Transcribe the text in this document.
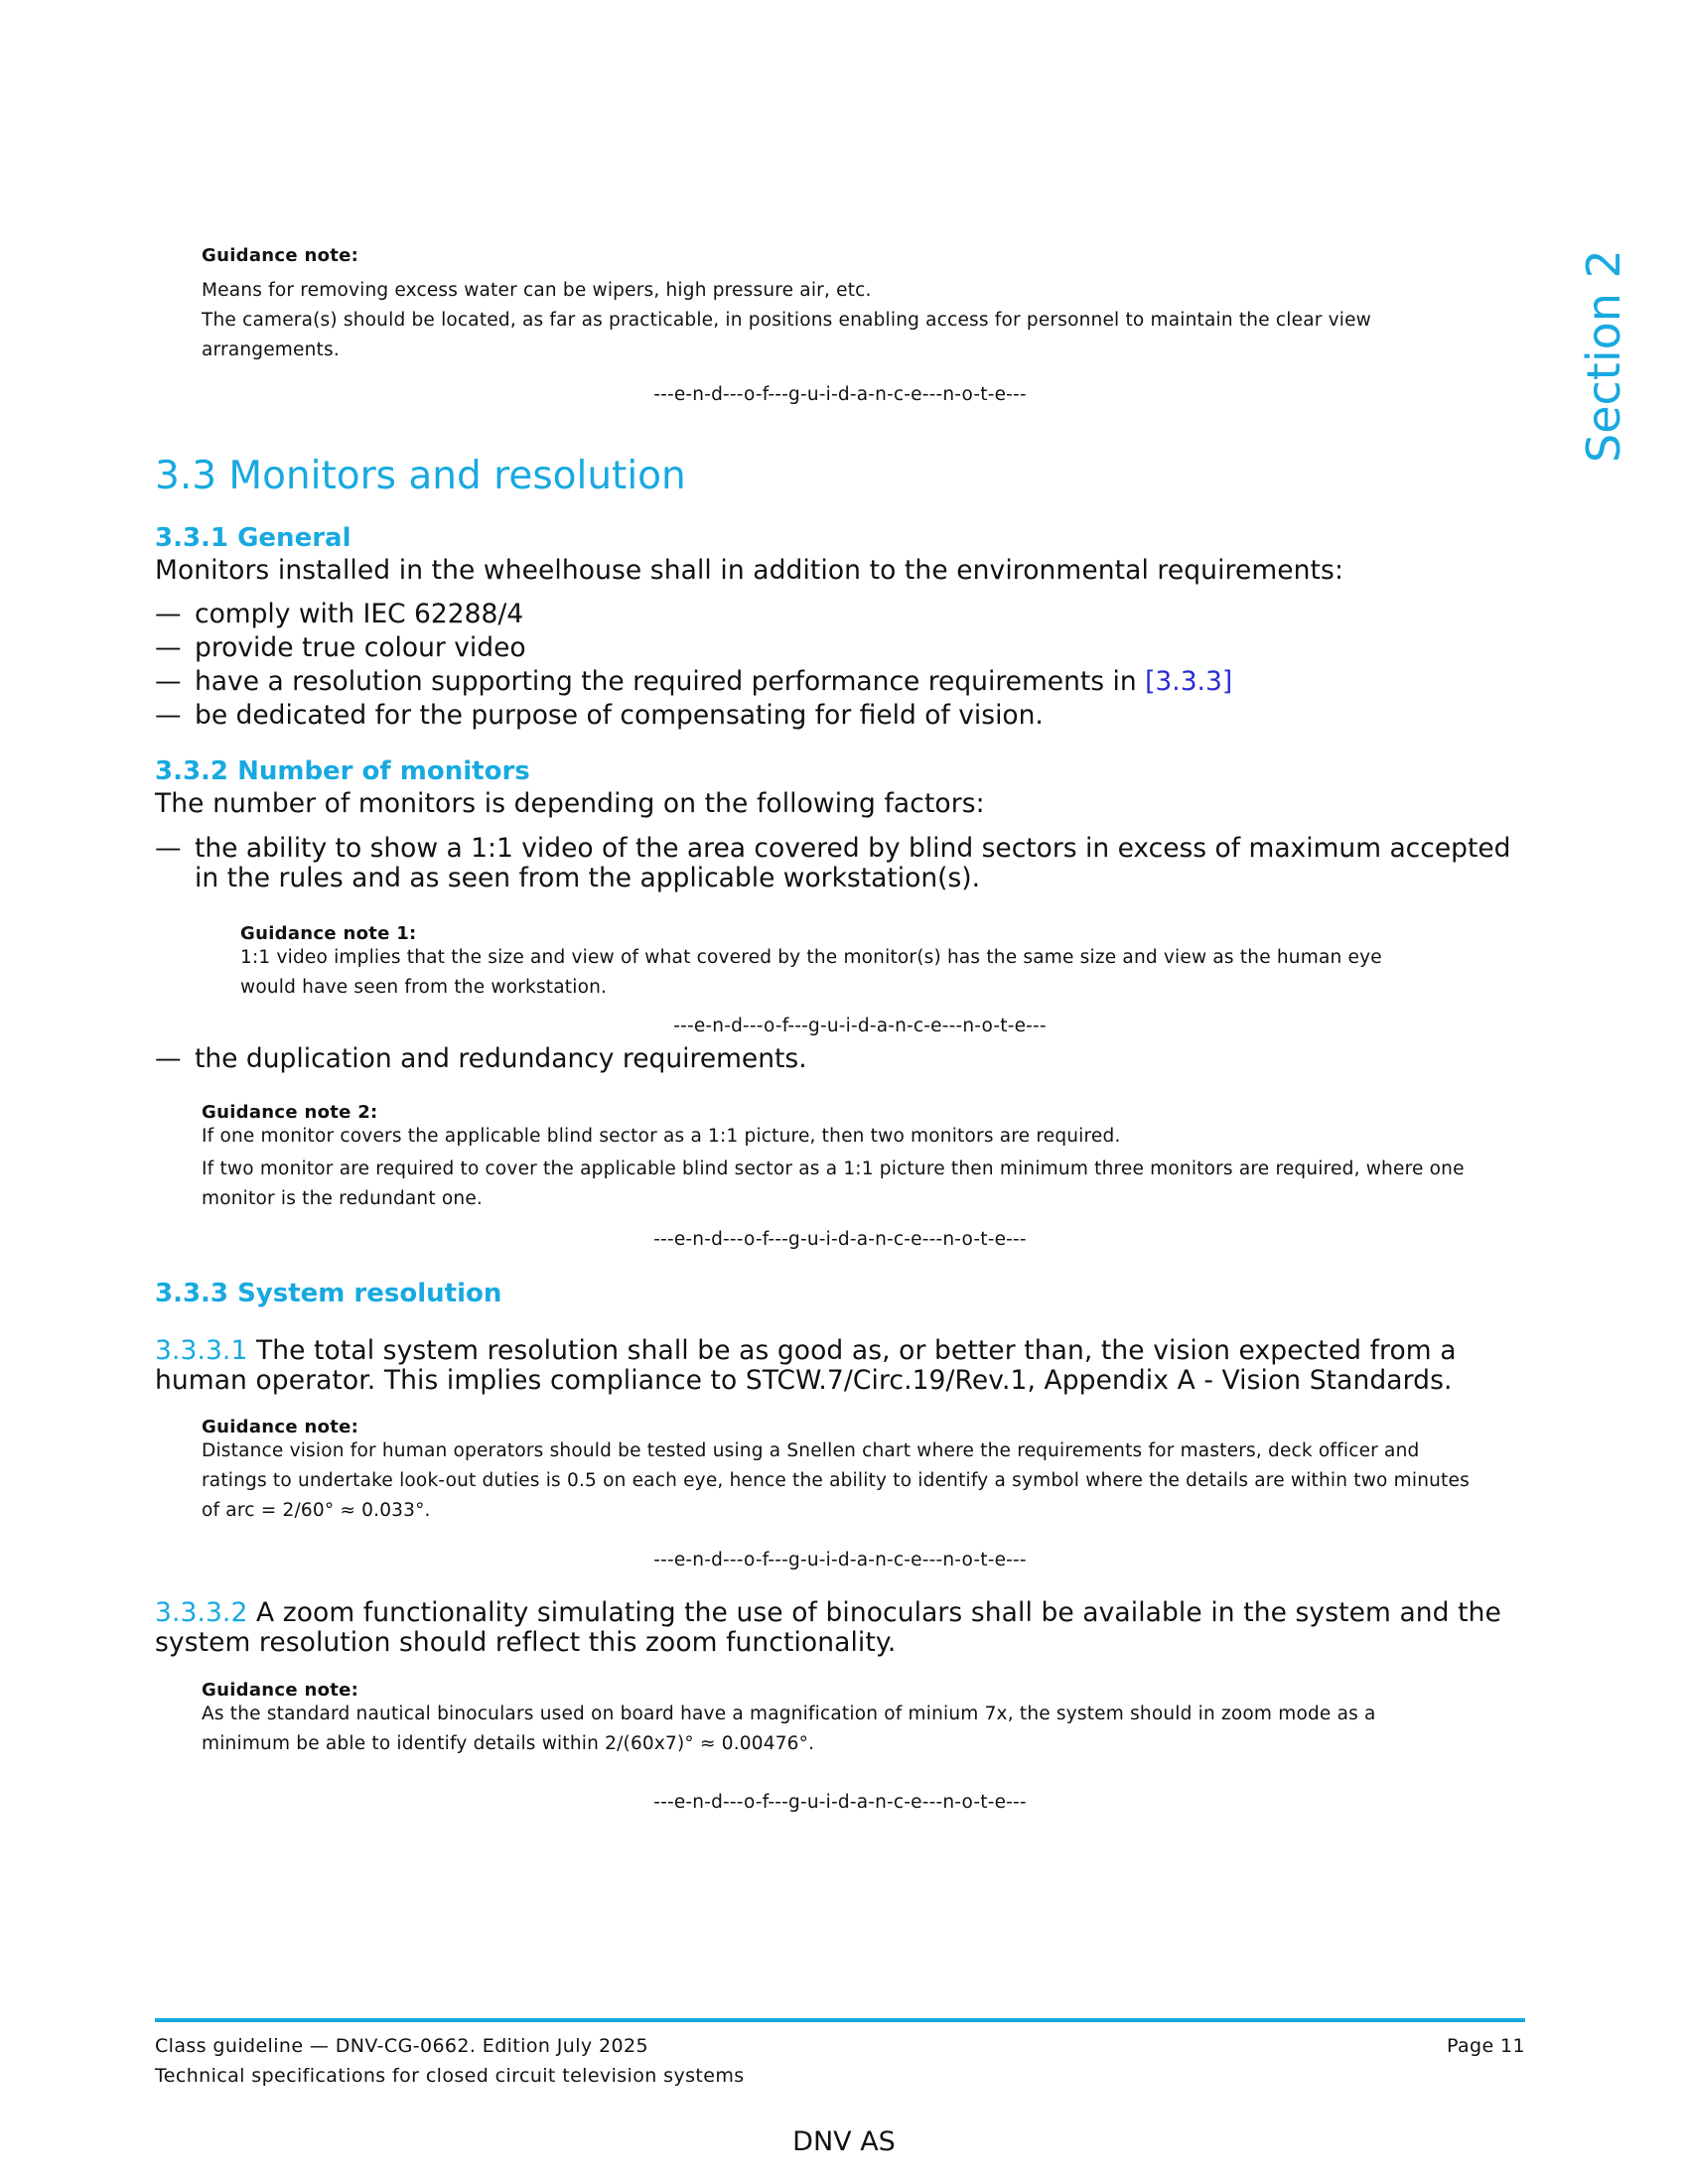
Section 2
Guidance note:
Means for removing excess water can be wipers, high pressure air, etc.
The camera(s) should be located, as far as practicable, in positions enabling access for personnel to maintain the clear view arrangements.
---e-n-d---o-f---g-u-i-d-a-n-c-e---n-o-t-e---
3.3 Monitors and resolution
3.3.1 General
Monitors installed in the wheelhouse shall in addition to the environmental requirements:
— comply with IEC 62288/4
— provide true colour video
— have a resolution supporting the required performance requirements in [3.3.3]
— be dedicated for the purpose of compensating for field of vision.
3.3.2 Number of monitors
The number of monitors is depending on the following factors:
— the ability to show a 1:1 video of the area covered by blind sectors in excess of maximum accepted in the rules and as seen from the applicable workstation(s).
Guidance note 1:
1:1 video implies that the size and view of what covered by the monitor(s) has the same size and view as the human eye would have seen from the workstation.
---e-n-d---o-f---g-u-i-d-a-n-c-e---n-o-t-e---
— the duplication and redundancy requirements.
Guidance note 2:
If one monitor covers the applicable blind sector as a 1:1 picture, then two monitors are required.
If two monitor are required to cover the applicable blind sector as a 1:1 picture then minimum three monitors are required, where one monitor is the redundant one.
---e-n-d---o-f---g-u-i-d-a-n-c-e---n-o-t-e---
3.3.3 System resolution
3.3.3.1 The total system resolution shall be as good as, or better than, the vision expected from a human operator. This implies compliance to STCW.7/Circ.19/Rev.1, Appendix A - Vision Standards.
Guidance note:
Distance vision for human operators should be tested using a Snellen chart where the requirements for masters, deck officer and ratings to undertake look-out duties is 0.5 on each eye, hence the ability to identify a symbol where the details are within two minutes of arc = 2/60° ≈ 0.033°.
---e-n-d---o-f---g-u-i-d-a-n-c-e---n-o-t-e---
3.3.3.2 A zoom functionality simulating the use of binoculars shall be available in the system and the system resolution should reflect this zoom functionality.
Guidance note:
As the standard nautical binoculars used on board have a magnification of minium 7x, the system should in zoom mode as a minimum be able to identify details within 2/(60x7)° ≈ 0.00476°.
---e-n-d---o-f---g-u-i-d-a-n-c-e---n-o-t-e---
Class guideline — DNV-CG-0662. Edition July 2025
Technical specifications for closed circuit television systems
Page 11
DNV AS
